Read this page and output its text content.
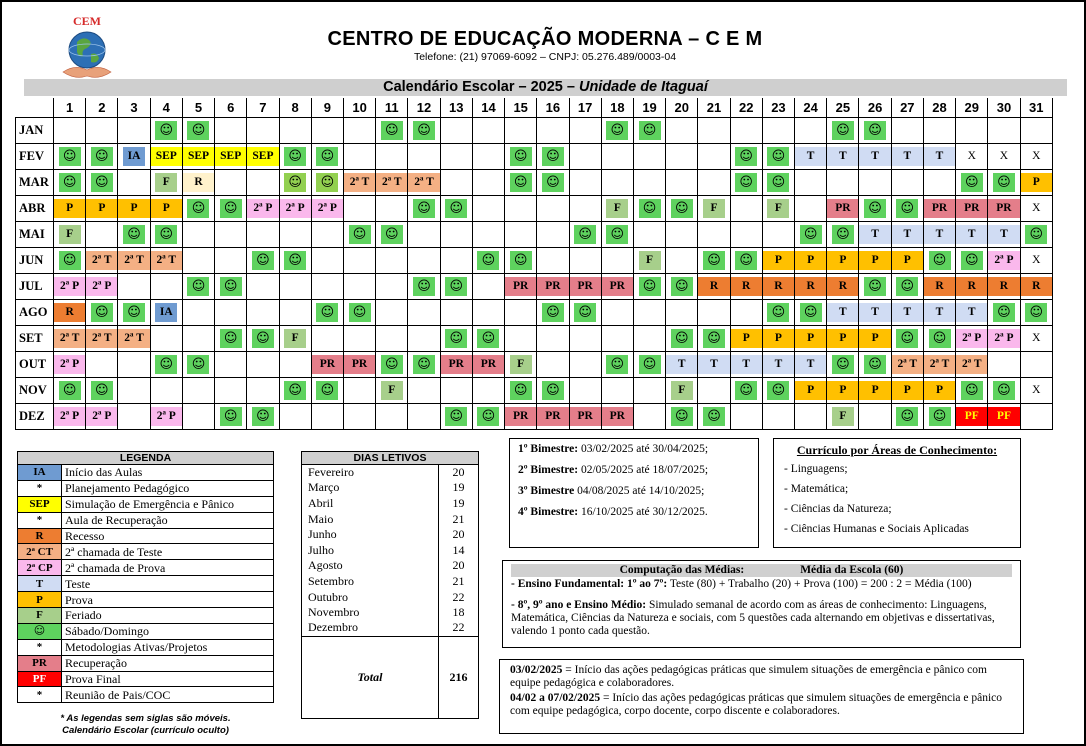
CEM
CENTRO DE EDUCAÇÃO MODERNA – C E M
Telefone: (21) 97069-6092 – CNPJ: 05.276.489/0003-04
Calendário Escolar – 2025 – Unidade de Itaguaí
	1	2	3	4	5	6	7	8	9	10	11	12	13	14	15	16	17	18	19	20	21	22	23	24	25	26	27	28	29	30	31
JAN				☺	☺						☺	☺						☺	☺						☺	☺					
FEV	☺	☺	IA	SEP	SEP	SEP	SEP	☺	☺						☺	☺						☺	☺	T	T	T	T	T	X	X	X
MAR	☺	☺		F	R			☺	☺	2ª T	2ª T	2ª T			☺	☺						☺	☺						☺	☺	P
ABR	P	P	P	P	☺	☺	2ª P	2ª P	2ª P			☺	☺					F	☺	☺	F		F		PR	☺	☺	PR	PR	PR	X
MAI	F		☺	☺						☺	☺						☺	☺						☺	☺	T	T	T	T	T	☺
JUN	☺	2ª T	2ª T	2ª T			☺	☺						☺	☺				F		☺	☺	P	P	P	P	P	☺	☺	2ª P	X
JUL	2ª P	2ª P			☺	☺						☺	☺		PR	PR	PR	PR	☺	☺	R	R	R	R	R	☺	☺	R	R	R	R
AGO	R	☺	☺	IA					☺	☺						☺	☺						☺	☺	T	T	T	T	T	☺	☺
SET	2ª T	2ª T	2ª T			☺	☺	F					☺	☺						☺	☺	P	P	P	P	P	☺	☺	2ª P	2ª P	X
OUT	2ª P			☺	☺				PR	PR	☺	☺	PR	PR	F			☺	☺	T	T	T	T	T	☺	☺	2ª T	2ª T	2ª T		
NOV	☺	☺						☺	☺		F				☺	☺				F		☺	☺	P	P	P	P	P	☺	☺	X
DEZ	2ª P	2ª P		2ª P		☺	☺						☺	☺	PR	PR	PR	PR		☺	☺				F		☺	☺	PF	PF	
LEGENDA	
IA	Início das Aulas
*	Planejamento Pedagógico
SEP	Simulação de Emergência e Pânico
*	Aula de Recuperação
R	Recesso
2ª CT	2ª chamada de Teste
2ª CP	2ª chamada de Prova
T	Teste
P	Prova
F	Feriado
☺	Sábado/Domingo
*	Metodologias Ativas/Projetos
PR	Recuperação
PF	Prova Final
*	Reunião de Pais/COC
* As legendas sem siglas são móveis.
Calendário Escolar (currículo oculto)
DIAS LETIVOS	
Fevereiro	20
Março	19
Abril	19
Maio	21
Junho	20
Julho	14
Agosto	20
Setembro	21
Outubro	22
Novembro	18
Dezembro	22
Total	216

1º Bimestre: 03/02/2025 até 30/04/2025;

2º Bimestre: 02/05/2025 até 18/07/2025;

3º Bimestre 04/08/2025 até 14/10/2025;

4º Bimestre: 16/10/2025 até 30/12/2025.

Currículo por Áreas de Conhecimento:

- Linguagens;

- Matemática;

- Ciências da Natureza;

- Ciências Humanas e Sociais Aplicadas

Computação das Médias:	Média da Escola (60)

- Ensino Fundamental: 1º ao 7º: Teste (80) + Trabalho (20) + Prova (100) = 200 : 2 = Média (100)

- 8º, 9º ano e Ensino Médio: Simulado semanal de acordo com as áreas de conhecimento: Linguagens, Matemática, Ciências da Natureza e sociais, com 5 questões cada alternando em objetivas e dissertativas, valendo 1 ponto cada questão.

03/02/2025 = Início das ações pedagógicas práticas que simulem situações de emergência e pânico com equipe pedagógica e colaboradores.

04/02 a 07/02/2025 = Início das ações pedagógicas práticas que simulem situações de emergência e pânico com equipe pedagógica, corpo docente, corpo discente e colaboradores.
